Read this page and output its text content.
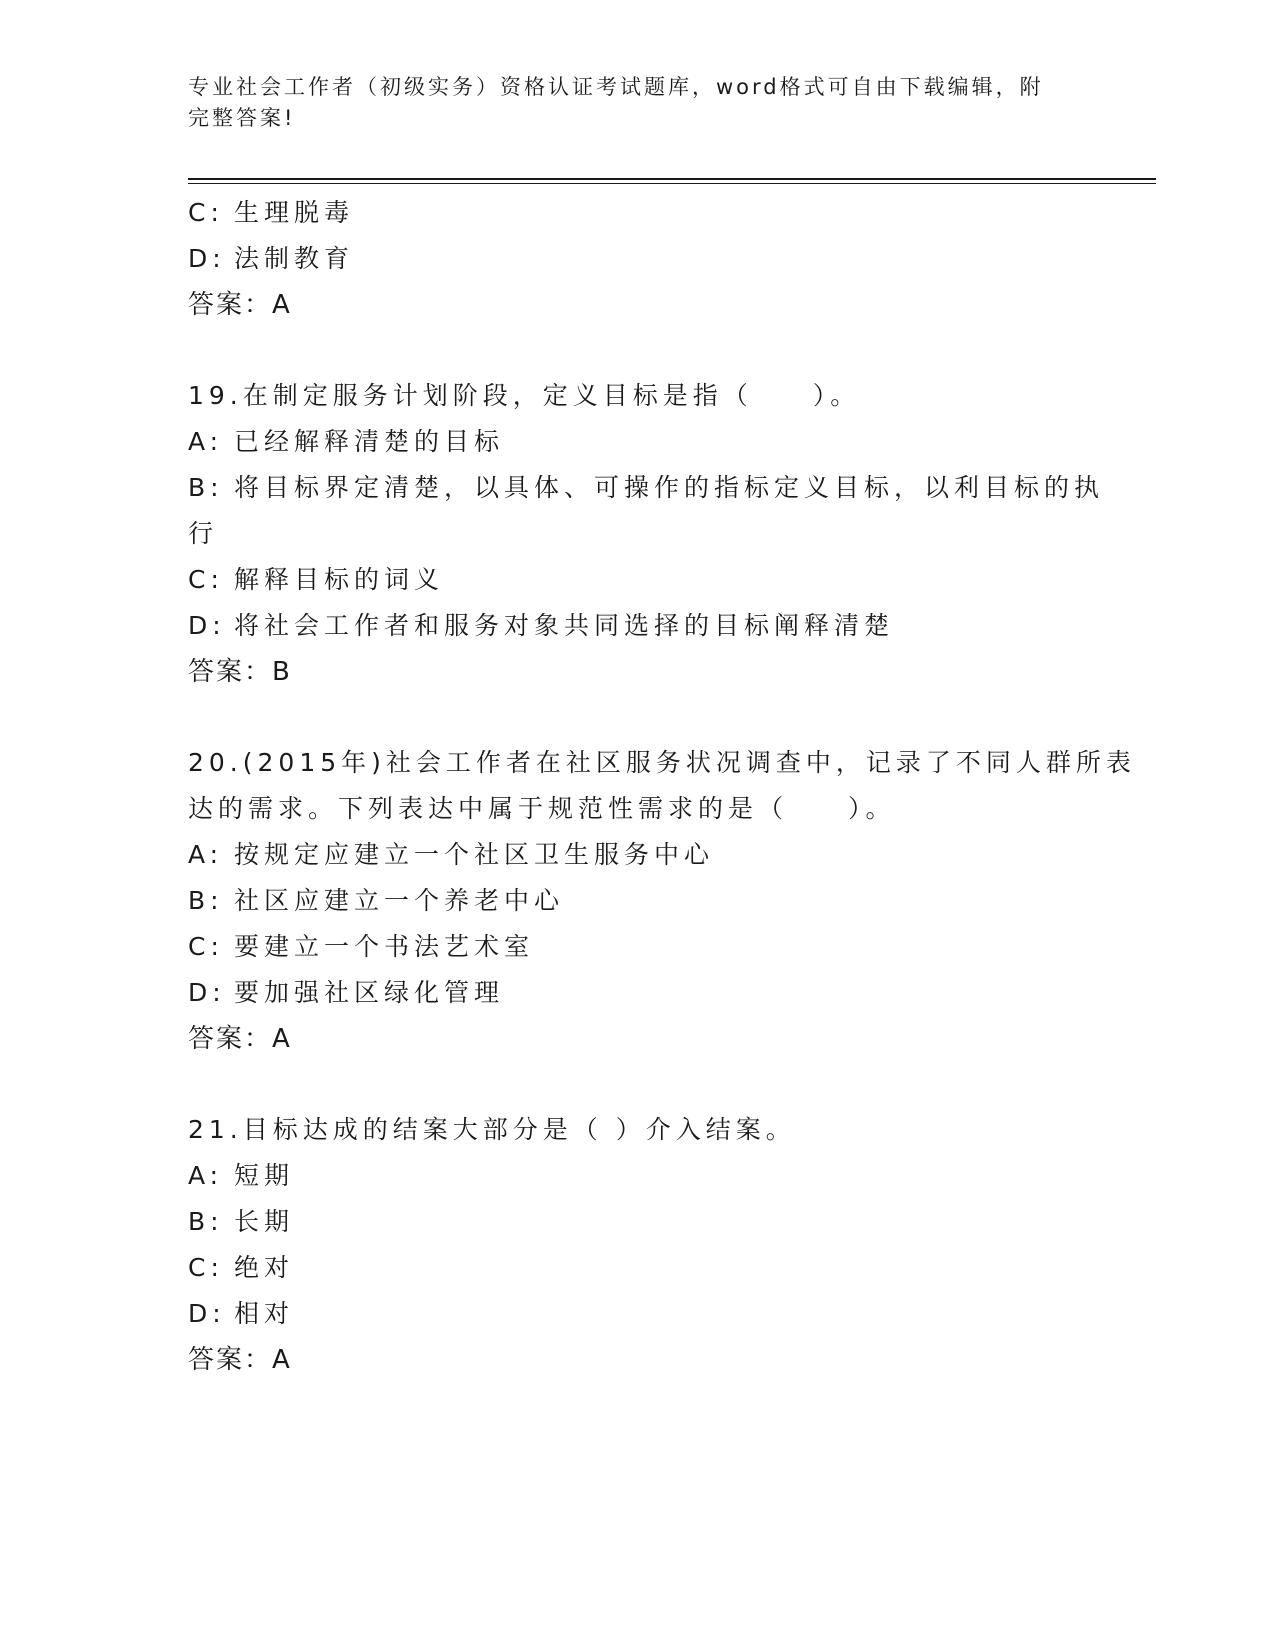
专业社会工作者（初级实务）资格认证考试题库，word格式可自由下载编辑，附
完整答案!
C: 生理脱毒
D: 法制教育
答案：A
19.在制定服务计划阶段，定义目标是指（　　）。
A: 已经解释清楚的目标
B: 将目标界定清楚，以具体、可操作的指标定义目标，以利目标的执
行
C: 解释目标的词义
D: 将社会工作者和服务对象共同选择的目标阐释清楚
答案：B
20.(2015年)社会工作者在社区服务状况调查中，记录了不同人群所表
达的需求。下列表达中属于规范性需求的是（　　）。
A: 按规定应建立一个社区卫生服务中心
B: 社区应建立一个养老中心
C: 要建立一个书法艺术室
D: 要加强社区绿化管理
答案：A
21.目标达成的结案大部分是（ ）介入结案。
A: 短期
B: 长期
C: 绝对
D: 相对
答案：A
